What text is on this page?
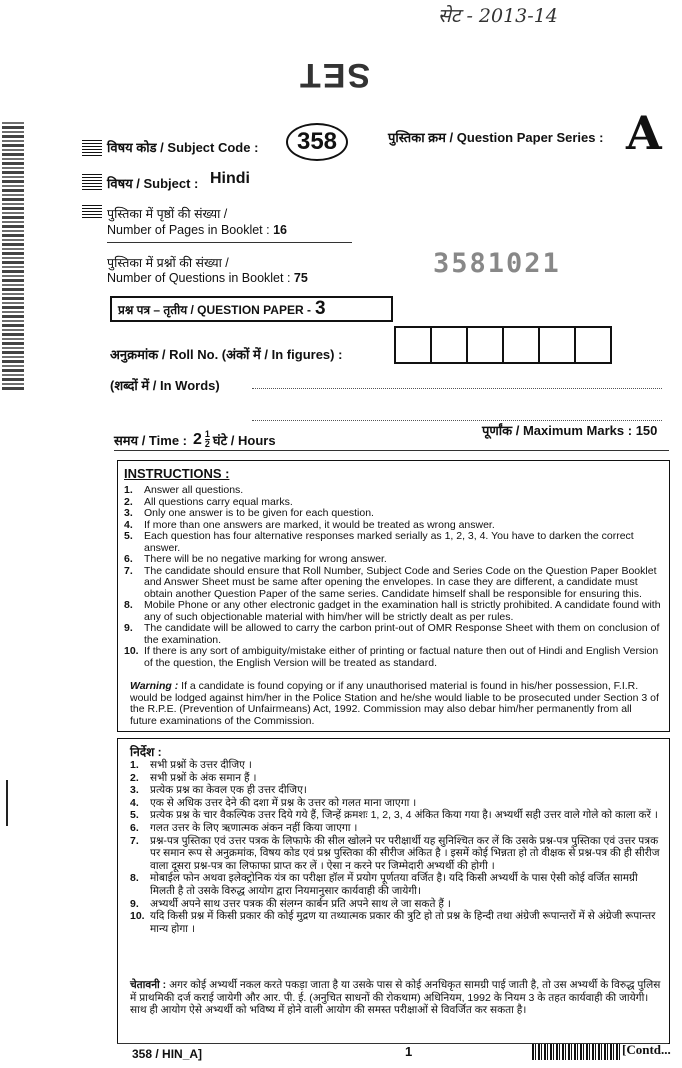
सेट - 2013-14
SET
विषय कोड / Subject Code :	358	पुस्तिका क्रम / Question Paper Series : A
विषय / Subject : Hindi
पुस्तिका में पृष्ठों की संख्या /
Number of Pages in Booklet : 16
पुस्तिका में प्रश्नों की संख्या /
Number of Questions in Booklet : 75	3581021
प्रश्न पत्र – तृतीय / QUESTION PAPER - 3
अनुक्रमांक / Roll No. (अंकों में / In figures) :
(शब्दों में / In Words)
समय / Time : $2 \frac{1}{2}$ घंटे / Hours
पूर्णांक / Maximum Marks : 150
INSTRUCTIONS :
1.	Answer all questions.
2.	All questions carry equal marks.
3.	Only one answer is to be given for each question.
4.	If more than one answers are marked, it would be treated as wrong answer.
5.	Each question has four alternative responses marked serially as 1, 2, 3, 4. You have to darken the correct answer.
6.	There will be no negative marking for wrong answer.
7.	The candidate should ensure that Roll Number, Subject Code and Series Code on the Question Paper Booklet and Answer Sheet must be same after opening the envelopes. In case they are different, a candidate must obtain another Question Paper of the same series. Candidate himself shall be responsible for ensuring this.
8.	Mobile Phone or any other electronic gadget in the examination hall is strictly prohibited. A candidate found with any of such objectionable material with him/her will be strictly dealt as per rules.
9.	The candidate will be allowed to carry the carbon print-out of OMR Response Sheet with them on conclusion of the examination.
10. If there is any sort of ambiguity/mistake either of printing or factual nature then out of Hindi and English Version of the question, the English Version will be treated as standard.
Warning : If a candidate is found copying or if any unauthorised material is found in his/her possession, F.I.R. would be lodged against him/her in the Police Station and he/she would liable to be prosecuted under Section 3 of the R.P.E. (Prevention of Unfairmeans) Act, 1992. Commission may also debar him/her permanently from all future examinations of the Commission.
निर्देश :
1.	सभी प्रश्नों के उत्तर दीजिए ।
2.	सभी प्रश्नों के अंक समान हैं ।
3.	प्रत्येक प्रश्न का केवल एक ही उत्तर दीजिए।
4.	एक से अधिक उत्तर देने की दशा में प्रश्न के उत्तर को गलत माना जाएगा ।
5.	प्रत्येक प्रश्न के चार वैकल्पिक उत्तर दिये गये हैं, जिन्हें क्रमशः 1, 2, 3, 4 अंकित किया गया है। अभ्यर्थी सही उत्तर वाले गोले को काला करें ।
6.	गलत उत्तर के लिए ऋणात्मक अंकन नहीं किया जाएगा ।
7.	प्रश्न-पत्र पुस्तिका एवं उत्तर पत्रक के लिफाफे की सील खोलने पर परीक्षार्थी यह सुनिश्चित कर लें कि उसके प्रश्न-पत्र पुस्तिका एवं उत्तर पत्रक पर समान रूप से अनुक्रमांक, विषय कोड एवं प्रश्न पुस्तिका की सीरीज अंकित है । इसमें कोई भिन्नता हो तो वीक्षक से प्रश्न-पत्र की ही सीरीज वाला दूसरा प्रश्न-पत्र का लिफाफा प्राप्त कर लें । ऐसा न करने पर जिम्मेदारी अभ्यर्थी की होगी ।
8.	मोबाईल फोन अथवा इलेक्ट्रोनिक यंत्र का परीक्षा हॉल में प्रयोग पूर्णतया वर्जित है। यदि किसी अभ्यर्थी के पास ऐसी कोई वर्जित सामग्री मिलती है तो उसके विरुद्ध आयोग द्वारा नियमानुसार कार्यवाही की जायेगी।
9.	अभ्यर्थी अपने साथ उत्तर पत्रक की संलग्न कार्बन प्रति अपने साथ ले जा सकते हैं ।
10. यदि किसी प्रश्न में किसी प्रकार की कोई मुद्रण या तथ्यात्मक प्रकार की त्रुटि हो तो प्रश्न के हिन्दी तथा अंग्रेजी रूपान्तरों में से अंग्रेजी रूपान्तर मान्य होगा ।
चेतावनी : अगर कोई अभ्यर्थी नकल करते पकड़ा जाता है या उसके पास से कोई अनधिकृत सामग्री पाई जाती है, तो उस अभ्यर्थी के विरुद्ध पुलिस में प्राथमिकी दर्ज कराई जायेगी और आर. पी. ई. (अनुचित साधनों की रोकथाम) अधिनियम, 1992 के नियम 3 के तहत कार्यवाही की जायेगी। साथ ही आयोग ऐसे अभ्यर्थी को भविष्य में होने वाली आयोग की समस्त परीक्षाओं से विवर्जित कर सकता है।
358 / HIN_A]	1	[Contd...
